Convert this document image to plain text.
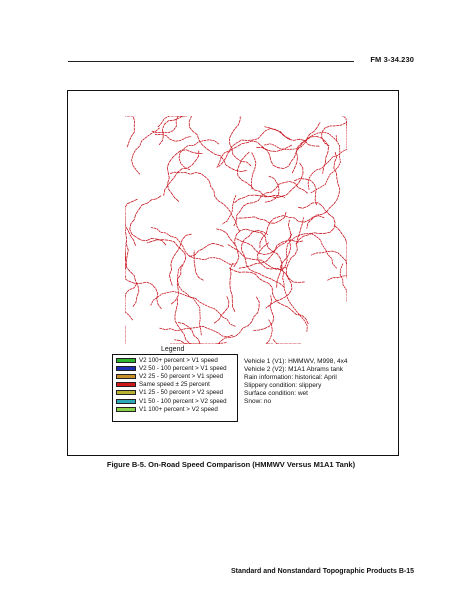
FM 3-34.230
Legend
V2 100+ percent > V1 speed
V2 50 - 100 percent > V1 speed
V2 25 - 50 percent > V1 speed
Same speed ± 25 percent
V1 25 - 50 percent > V2 speed
V1 50 - 100 percent > V2 speed
V1 100+ percent > V2 speed
Vehicle 1 (V1): HMMWV, M998, 4x4
Vehicle 2 (V2): M1A1 Abrams tank
Rain information: historical: April
Slippery condition: slippery
Surface condition: wet
Snow: no
Figure B-5. On-Road Speed Comparison (HMMWV Versus M1A1 Tank)
Standard and Nonstandard Topographic Products B-15
